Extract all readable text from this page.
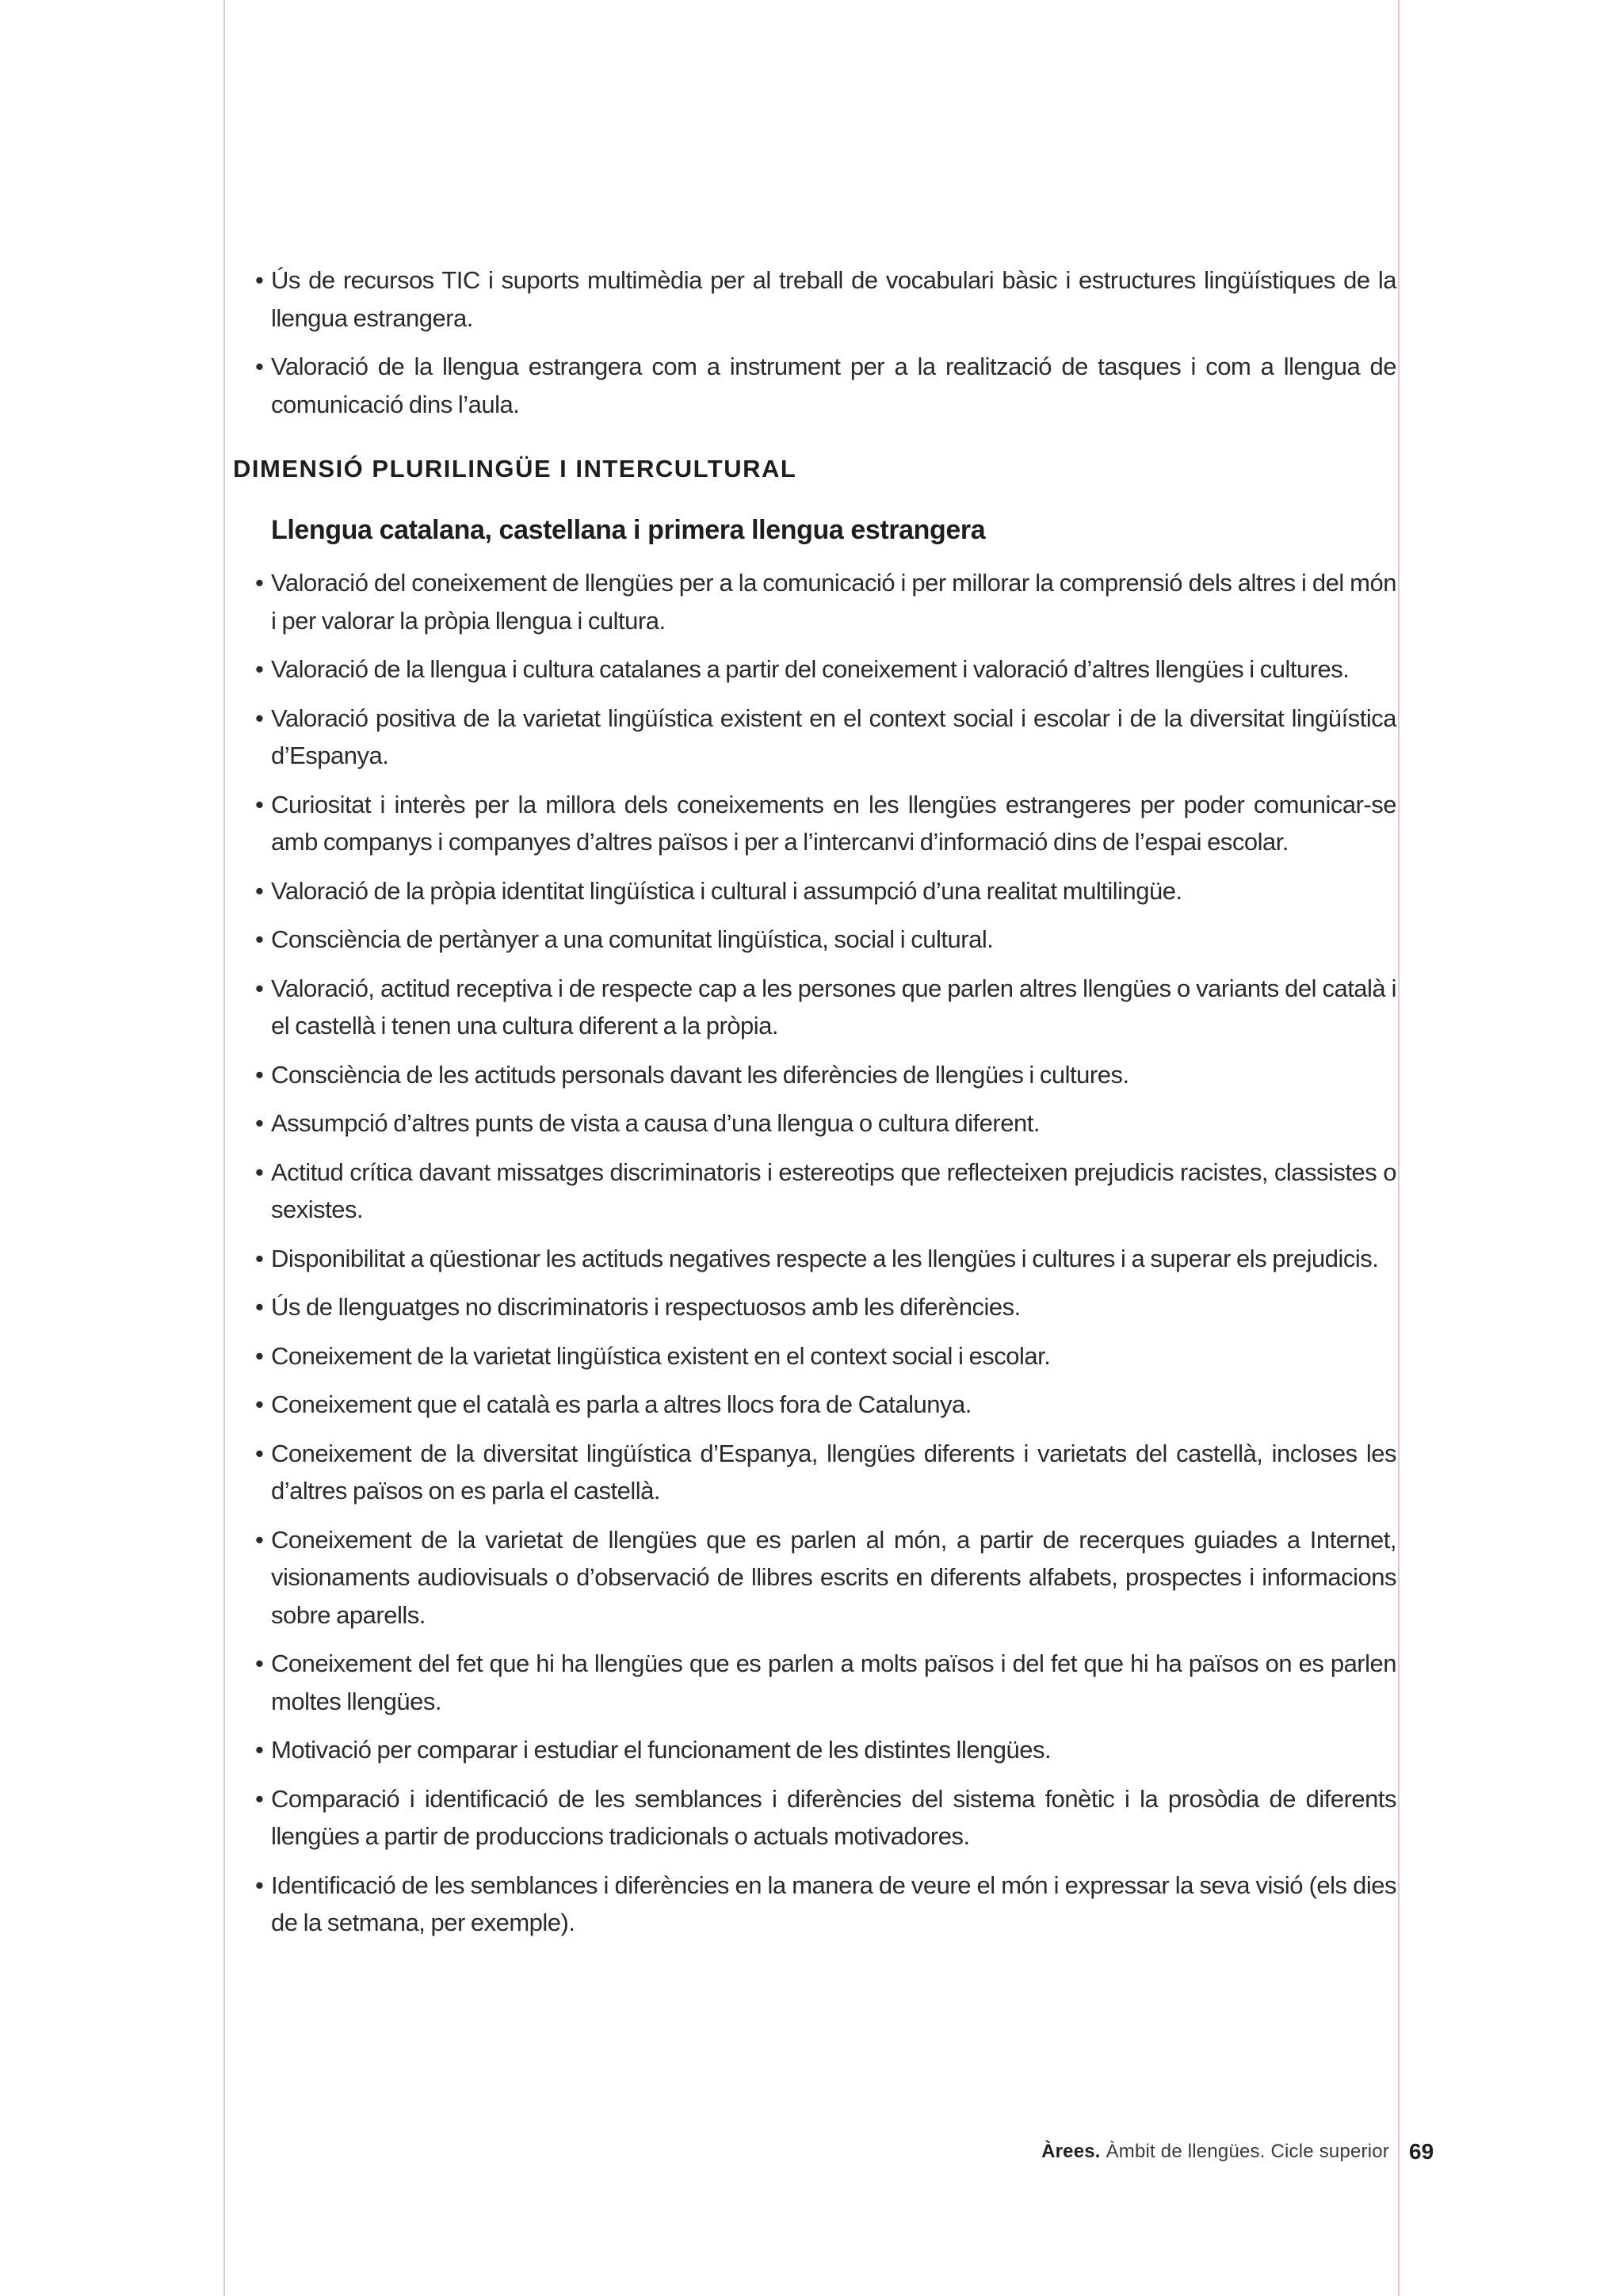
• Ús de recursos TIC i suports multimèdia per al treball de vocabulari bàsic i estructures lingüístiques de la llengua estrangera.
• Valoració de la llengua estrangera com a instrument per a la realització de tasques i com a llengua de comunicació dins l’aula.
DIMENSIÓ PLURILINGÜE I INTERCULTURAL
Llengua catalana, castellana i primera llengua estrangera
• Valoració del coneixement de llengües per a la comunicació i per millorar la comprensió dels altres i del món i per valorar la pròpia llengua i cultura.
• Valoració de la llengua i cultura catalanes a partir del coneixement i valoració d’altres llengües i cultures.
• Valoració positiva de la varietat lingüística existent en el context social i escolar i de la diversitat lingüística d’Espanya.
• Curiositat i interès per la millora dels coneixements en les llengües estrangeres per poder comunicar-se amb companys i companyes d’altres països i per a l’intercanvi d’informació dins de l’espai escolar.
• Valoració de la pròpia identitat lingüística i cultural i assumpció d’una realitat multilingüe.
• Consciència de pertànyer a una comunitat lingüística, social i cultural.
• Valoració, actitud receptiva i de respecte cap a les persones que parlen altres llengües o variants del català i el castellà i tenen una cultura diferent a la pròpia.
• Consciència de les actituds personals davant les diferències de llengües i cultures.
• Assumpció d’altres punts de vista a causa d’una llengua o cultura diferent.
• Actitud crítica davant missatges discriminatoris i estereotips que reflecteixen prejudicis racistes, classistes o sexistes.
• Disponibilitat a qüestionar les actituds negatives respecte a les llengües i cultures i a superar els prejudicis.
• Ús de llenguatges no discriminatoris i respectuosos amb les diferències.
• Coneixement de la varietat lingüística existent en el context social i escolar.
• Coneixement que el català es parla a altres llocs fora de Catalunya.
• Coneixement de la diversitat lingüística d’Espanya, llengües diferents i varietats del castellà, incloses les d’altres països on es parla el castellà.
• Coneixement de la varietat de llengües que es parlen al món, a partir de recerques guiades a Internet, visionaments audiovisuals o d’observació de llibres escrits en diferents alfabets, prospectes i informacions sobre aparells.
• Coneixement del fet que hi ha llengües que es parlen a molts països i del fet que hi ha països on es parlen moltes llengües.
• Motivació per comparar i estudiar el funcionament de les distintes llengües.
• Comparació i identificació de les semblances i diferències del sistema fonètic i la prosòdia de diferents llengües a partir de produccions tradicionals o actuals motivadores.
• Identificació de les semblances i diferències en la manera de veure el món i expressar la seva visió (els dies de la setmana, per exemple).
Àrees. Àmbit de llengües. Cicle superior 69
